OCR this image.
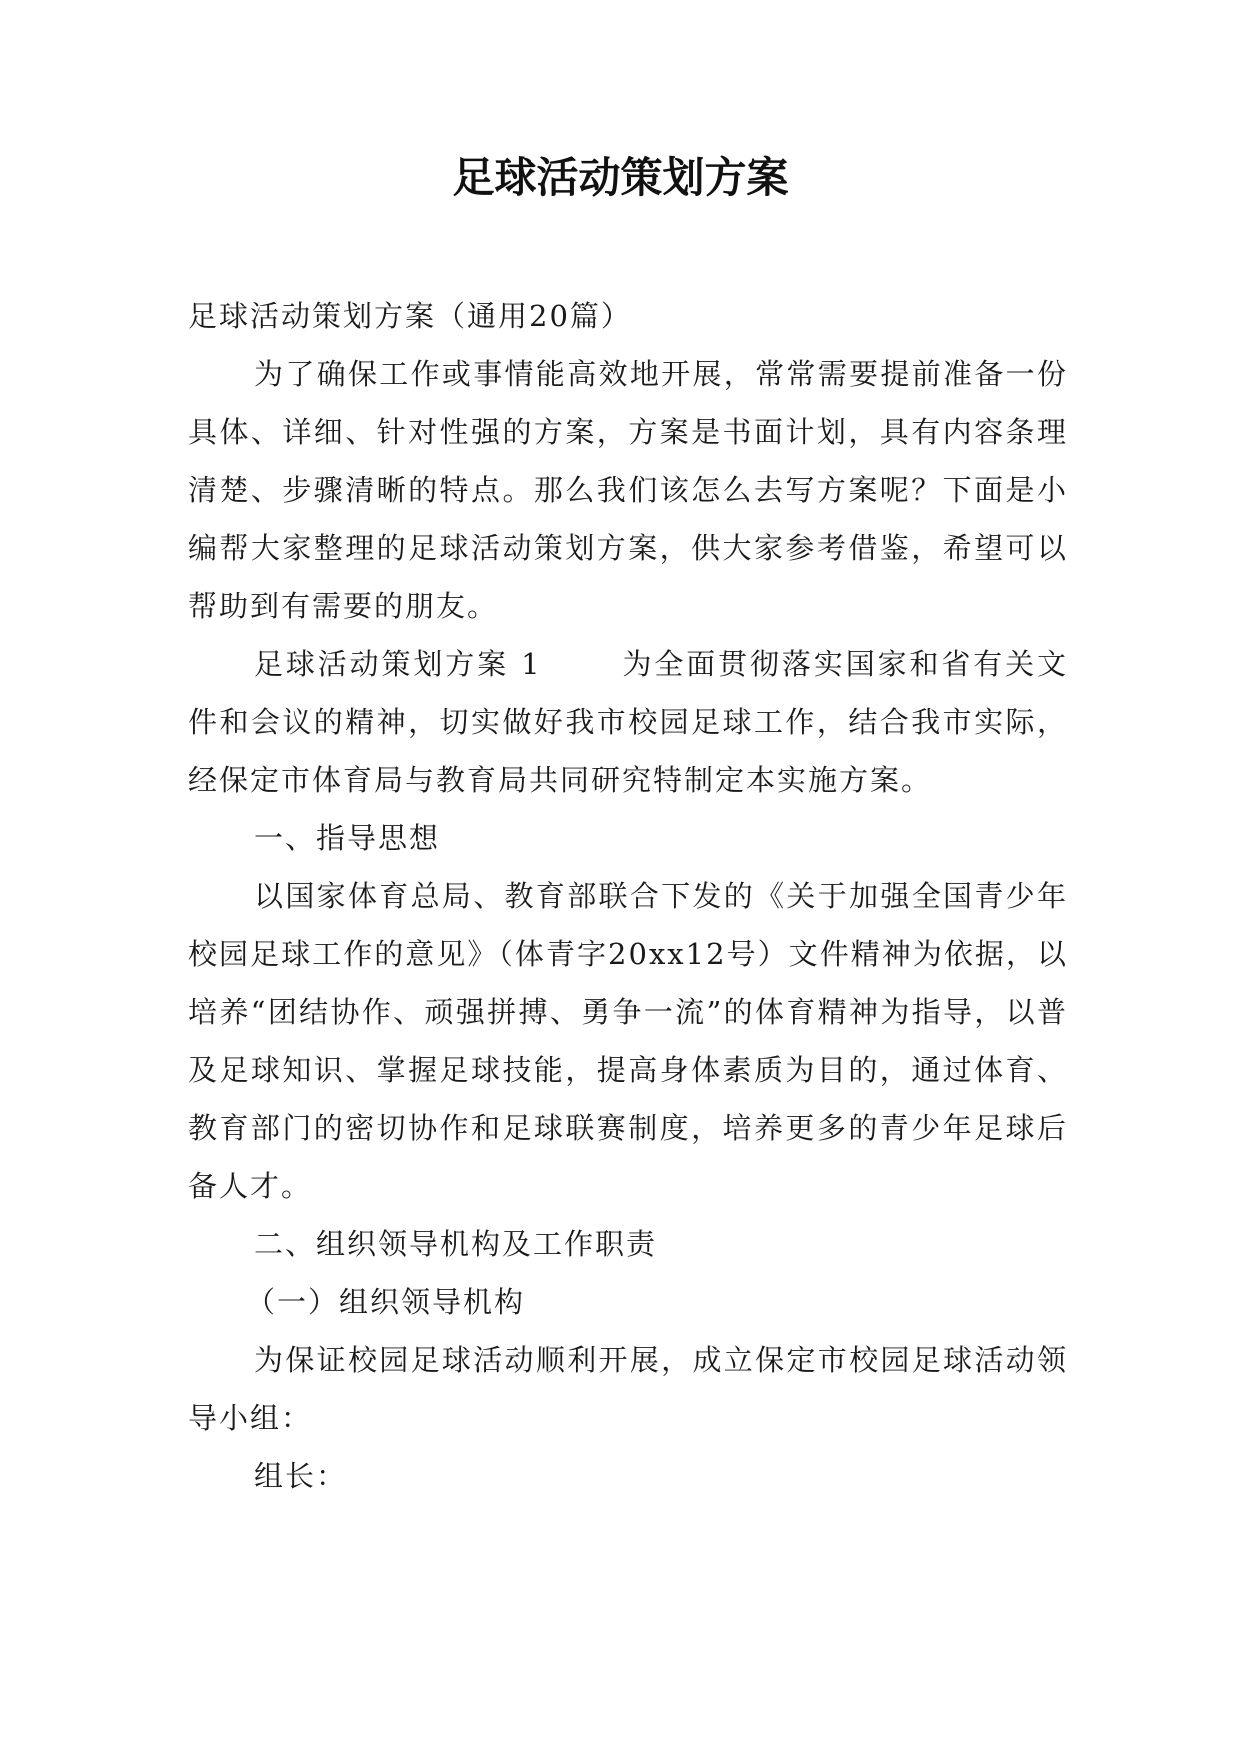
足球活动策划方案

足球活动策划方案（通用20篇）

为了确保工作或事情能高效地开展，常常需要提前准备一份具体、详细、针对性强的方案，方案是书面计划，具有内容条理清楚、步骤清晰的特点。那么我们该怎么去写方案呢？下面是小编帮大家整理的足球活动策划方案，供大家参考借鉴，希望可以帮助到有需要的朋友。

足球活动策划方案 1	为全面贯彻落实国家和省有关文件和会议的精神，切实做好我市校园足球工作，结合我市实际，经保定市体育局与教育局共同研究特制定本实施方案。

一、指导思想

以国家体育总局、教育部联合下发的《关于加强全国青少年校园足球工作的意见》（体青字20xx12号）文件精神为依据，以培养“团结协作、顽强拼搏、勇争一流”的体育精神为指导，以普及足球知识、掌握足球技能，提高身体素质为目的，通过体育、教育部门的密切协作和足球联赛制度，培养更多的青少年足球后备人才。

二、组织领导机构及工作职责

（一）组织领导机构

为保证校园足球活动顺利开展，成立保定市校园足球活动领导小组：

组长：
